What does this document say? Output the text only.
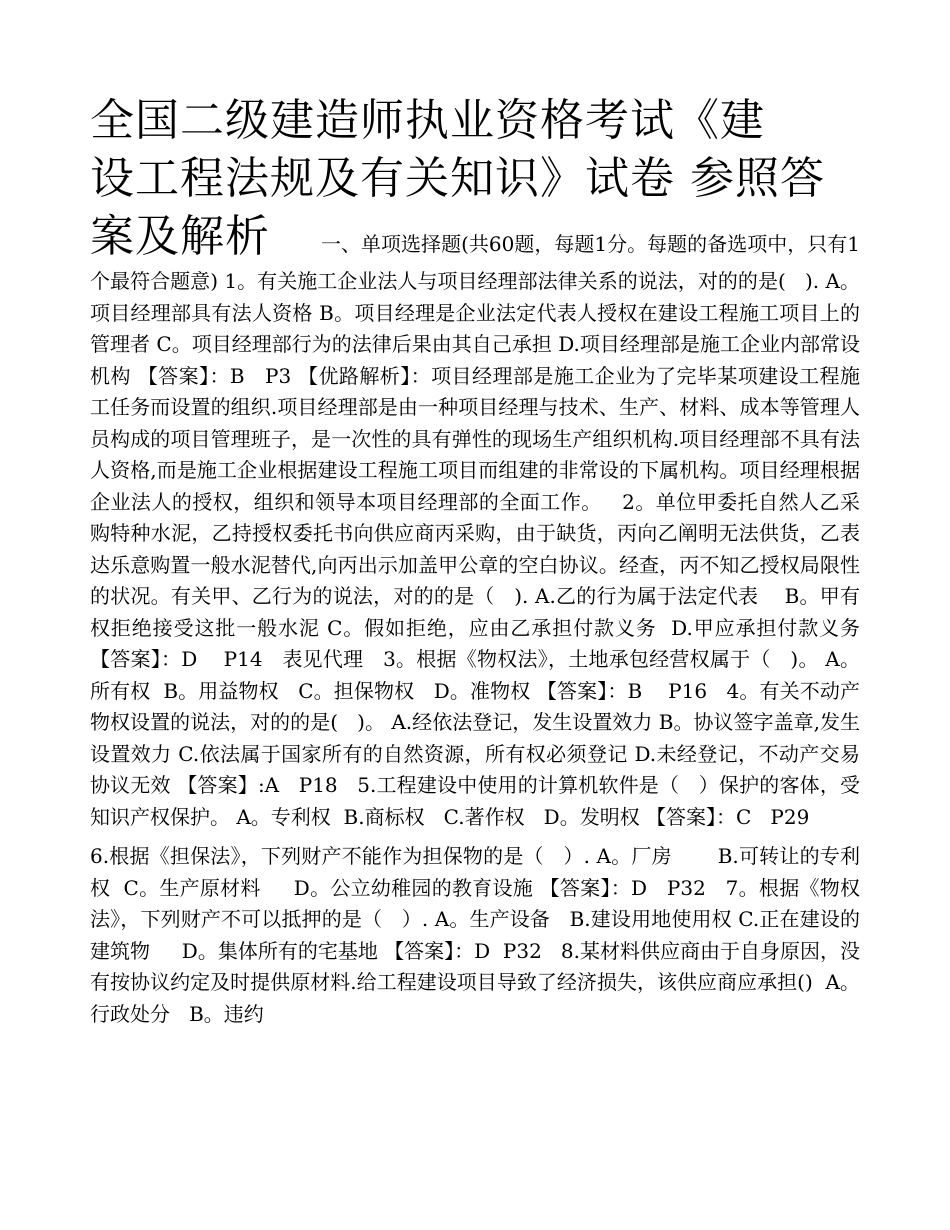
全国二级建造师执业资格考试《建
设工程法规及有关知识》试卷 参照答

案及解析        一、单项选择题(共60题，每题1分。每题的备选项中，只有1个最符合题意) 1。有关施工企业法人与项目经理部法律关系的说法，对的的是(   ). A。项目经理部具有法人资格 B。项目经理是企业法定代表人授权在建设工程施工项目上的管理者 C。项目经理部行为的法律后果由其自己承担 D.项目经理部是施工企业内部常设机构 【答案】：B   P3 【优路解析】：项目经理部是施工企业为了完毕某项建设工程施工任务而设置的组织.项目经理部是由一种项目经理与技术、生产、材料、成本等管理人员构成的项目管理班子，是一次性的具有弹性的现场生产组织机构.项目经理部不具有法人资格,而是施工企业根据建设工程施工项目而组建的非常设的下属机构。项目经理根据企业法人的授权，组织和领导本项目经理部的全面工作。   2。单位甲委托自然人乙采购特种水泥，乙持授权委托书向供应商丙采购，由于缺货，丙向乙阐明无法供货，乙表达乐意购置一般水泥替代,向丙出示加盖甲公章的空白协议。经查，丙不知乙授权局限性的状况。有关甲、乙行为的说法，对的的是（   ). A.乙的行为属于法定代表    B。甲有权拒绝接受这批一般水泥 C。假如拒绝，应由乙承担付款义务  D.甲应承担付款义务 【答案】：D    P14   表见代理   3。根据《物权法》，土地承包经营权属于（   )。 A。所有权  B。用益物权   C。担保物权   D。准物权 【答案】：B    P16   4。有关不动产物权设置的说法，对的的是(   )。 A.经依法登记，发生设置效力 B。协议签字盖章,发生设置效力 C.依法属于国家所有的自然资源，所有权必须登记 D.未经登记，不动产交易协议无效 【答案】:A   P18   5.工程建设中使用的计算机软件是（   ）保护的客体，受知识产权保护。 A。专利权  B.商标权   C.著作权   D。发明权 【答案】：C   P29

6.根据《担保法》，下列财产不能作为担保物的是（   ）. A。厂房       B.可转让的专利权  C。生产原材料     D。公立幼稚园的教育设施 【答案】：D   P32   7。根据《物权法》，下列财产不可以抵押的是（   ）. A。生产设备   B.建设用地使用权 C.正在建设的建筑物     D。集体所有的宅基地 【答案】：D  P32   8.某材料供应商由于自身原因，没有按协议约定及时提供原材料.给工程建设项目导致了经济损失，该供应商应承担()  A。行政处分   B。违约
